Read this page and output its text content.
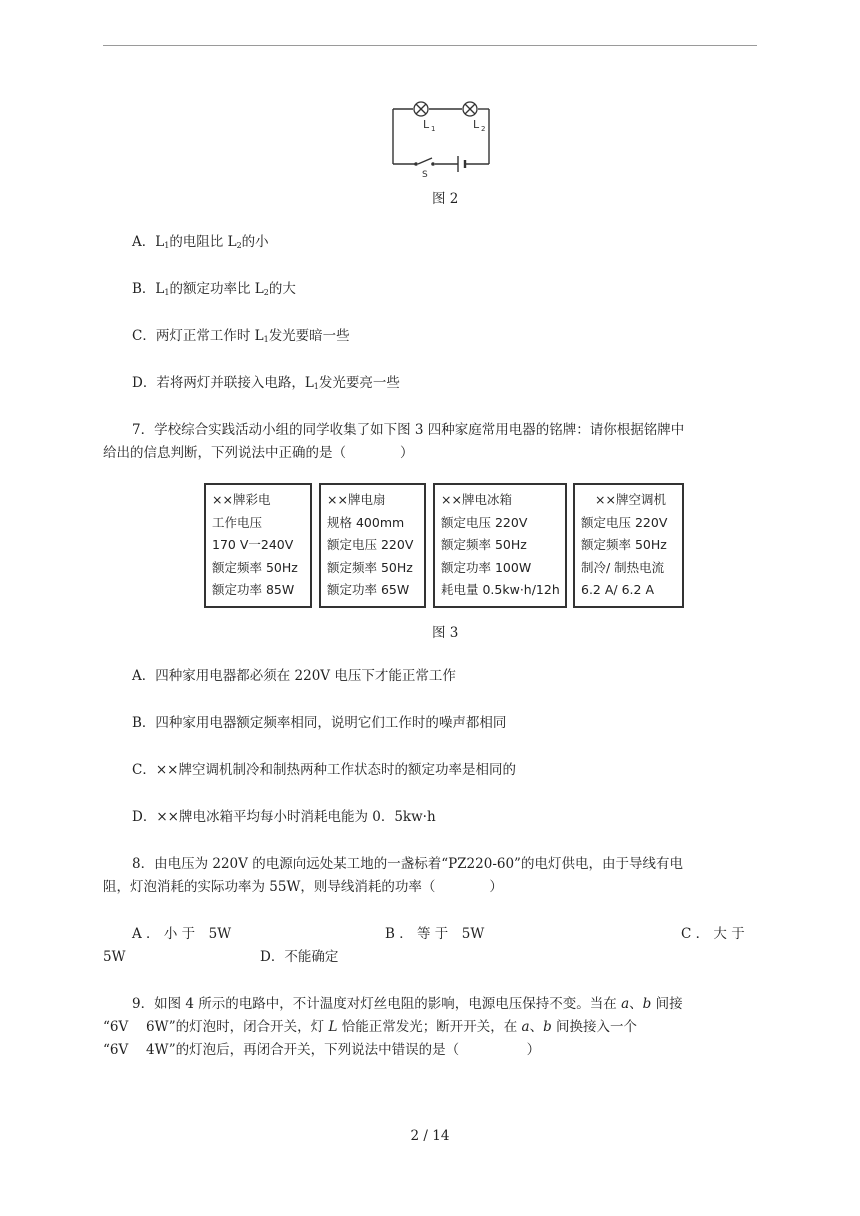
L 1	L 2
S
图 2
A．$L_1$的电阻比 $L_2$的小
B．$L_1$的额定功率比 $L_2$的大
C．两灯正常工作时 $L_1$发光要暗一些
D．若将两灯并联接入电路，$L_1$发光要亮一些
7．学校综合实践活动小组的同学收集了如下图 3 四种家庭常用电器的铭牌：请你根据铭牌中
给出的信息判断，下列说法中正确的是（　　　　）
××牌彩电
工作电压
170 V一240V
额定频率 50Hz
额定功率 85W
××牌电扇
规格 400mm
额定电压 220V
额定频率 50Hz
额定功率 65W
××牌电冰箱
额定电压 220V
额定频率 50Hz
额定功率 100W
耗电量 0.5kw·h/12h
××牌空调机
额定电压 220V
额定频率 50Hz
制冷/ 制热电流
6.2 A/ 6.2 A
图 3
A．四种家用电器都必须在 220V 电压下才能正常工作
B．四种家用电器额定频率相同，说明它们工作时的噪声都相同
C．××牌空调机制冷和制热两种工作状态时的额定功率是相同的
D．××牌电冰箱平均每小时消耗电能为 0．5kw·h
8．由电压为 220V 的电源向远处某工地的一盏标着“PZ220-60”的电灯供电，由于导线有电
阻，灯泡消耗的实际功率为 55W，则导线消耗的功率（　　　　）
A ． 小 于　5W	B ． 等 于　5W	C ． 大 于
5W	D．不能确定
9．如图 4 所示的电路中，不计温度对灯丝电阻的影响，电源电压保持不变。当在 a、b 间接
“6V　 6W”的灯泡时，闭合开关，灯 L 恰能正常发光；断开开关，在 a、b 间换接入一个
“6V　 4W”的灯泡后，再闭合开关，下列说法中错误的是（　　　　　）
2 / 14
